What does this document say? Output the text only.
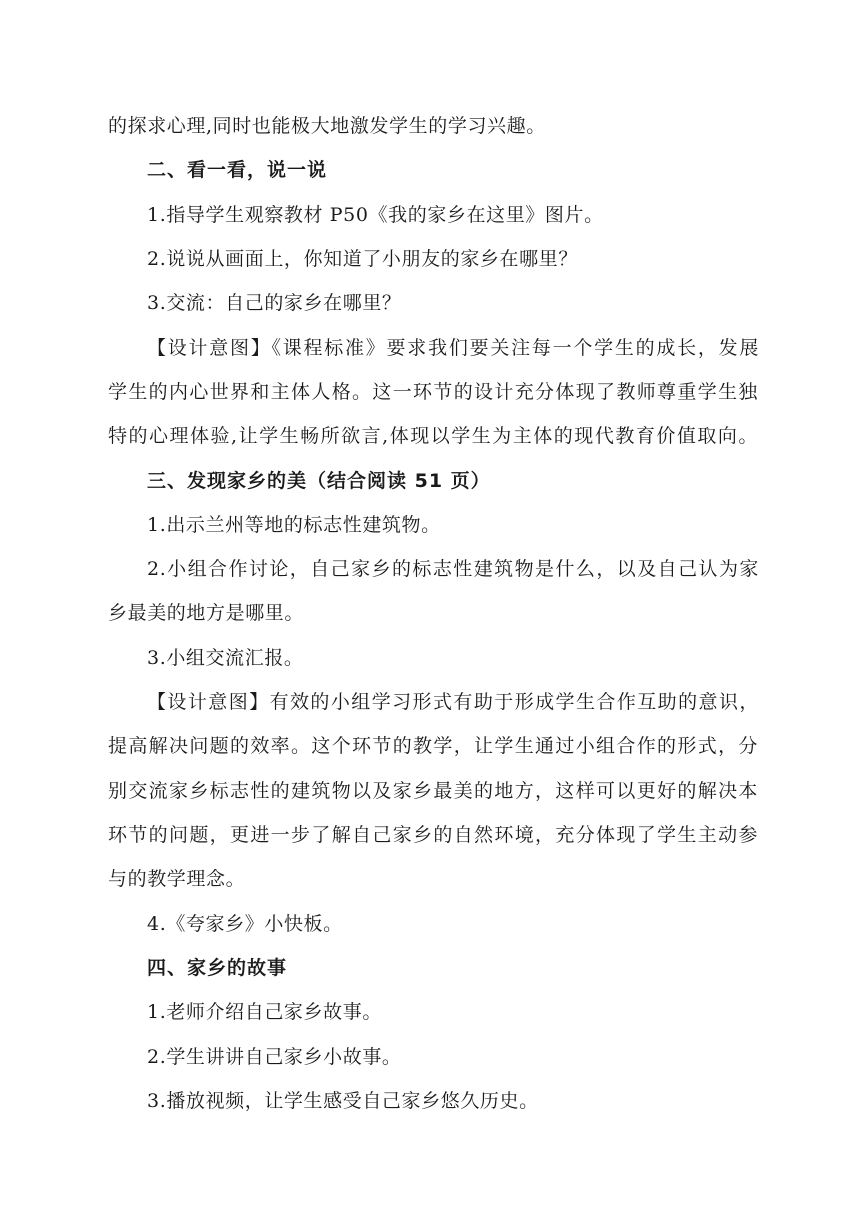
的探求心理,同时也能极大地激发学生的学习兴趣。
二、看一看，说一说
1.指导学生观察教材 P50《我的家乡在这里》图片。
2.说说从画面上，你知道了小朋友的家乡在哪里？
3.交流：自己的家乡在哪里？
【设计意图】《课程标准》要求我们要关注每一个学生的成长，发展
学生的内心世界和主体人格。这一环节的设计充分体现了教师尊重学生独
特的心理体验,让学生畅所欲言,体现以学生为主体的现代教育价值取向。
三、发现家乡的美（结合阅读 51 页）
1.出示兰州等地的标志性建筑物。
2.小组合作讨论，自己家乡的标志性建筑物是什么，以及自己认为家
乡最美的地方是哪里。
3.小组交流汇报。
【设计意图】有效的小组学习形式有助于形成学生合作互助的意识，
提高解决问题的效率。这个环节的教学，让学生通过小组合作的形式，分
别交流家乡标志性的建筑物以及家乡最美的地方，这样可以更好的解决本
环节的问题，更进一步了解自己家乡的自然环境，充分体现了学生主动参
与的教学理念。
4.《夸家乡》小快板。
四、家乡的故事
1.老师介绍自己家乡故事。
2.学生讲讲自己家乡小故事。
3.播放视频，让学生感受自己家乡悠久历史。
